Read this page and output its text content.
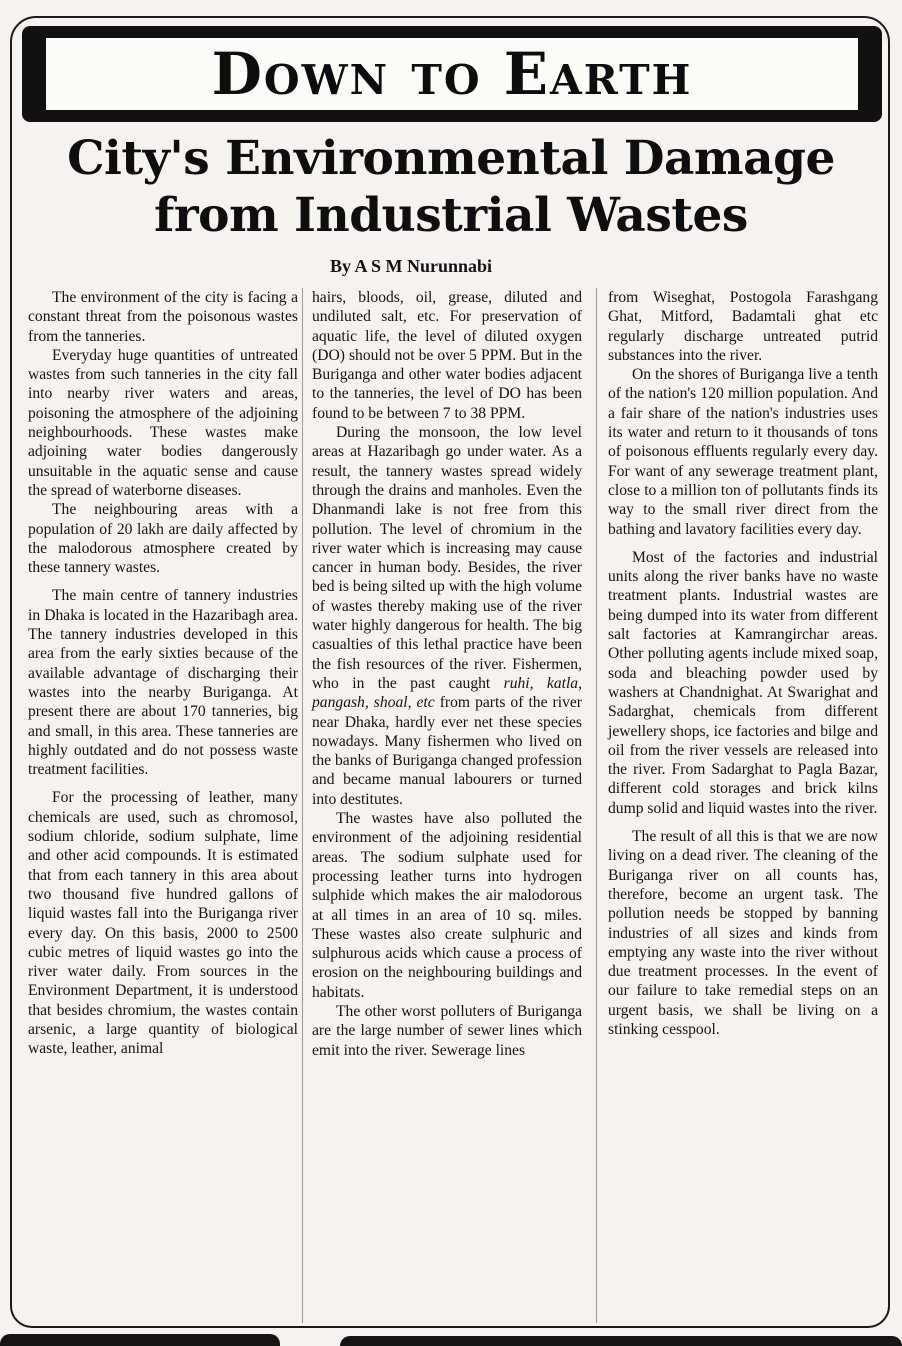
Down to Earth
City's Environmental Damage from Industrial Wastes
By A S M Nurunnabi

The environment of the city is facing a constant threat from the poisonous wastes from the tanneries.

Everyday huge quantities of untreated wastes from such tanneries in the city fall into nearby river waters and areas, poisoning the atmosphere of the adjoining neighbourhoods. These wastes make adjoining water bodies dangerously unsuitable in the aquatic sense and cause the spread of waterborne diseases.

The neighbouring areas with a population of 20 lakh are daily affected by the malodorous atmosphere created by these tannery wastes.

The main centre of tannery industries in Dhaka is located in the Hazaribagh area. The tannery industries developed in this area from the early sixties because of the available advantage of discharging their wastes into the nearby Buriganga. At present there are about 170 tanneries, big and small, in this area. These tanneries are highly outdated and do not possess waste treatment facilities.

For the processing of leather, many chemicals are used, such as chromosol, sodium chloride, sodium sulphate, lime and other acid compounds. It is estimated that from each tannery in this area about two thousand five hundred gallons of liquid wastes fall into the Buriganga river every day. On this basis, 2000 to 2500 cubic metres of liquid wastes go into the river water daily. From sources in the Environment Department, it is understood that besides chromium, the wastes contain arsenic, a large quantity of biological waste, leather, animal

hairs, bloods, oil, grease, diluted and undiluted salt, etc. For preservation of aquatic life, the level of diluted oxygen (DO) should not be over 5 PPM. But in the Buriganga and other water bodies adjacent to the tanneries, the level of DO has been found to be between 7 to 38 PPM.

During the monsoon, the low level areas at Hazaribagh go under water. As a result, the tannery wastes spread widely through the drains and manholes. Even the Dhanmandi lake is not free from this pollution. The level of chromium in the river water which is increasing may cause cancer in human body. Besides, the river bed is being silted up with the high volume of wastes thereby making use of the river water highly dangerous for health. The big casualties of this lethal practice have been the fish resources of the river. Fishermen, who in the past caught ruhi, katla, pangash, shoal, etc from parts of the river near Dhaka, hardly ever net these species nowadays. Many fishermen who lived on the banks of Buriganga changed profession and became manual labourers or turned into destitutes.

The wastes have also polluted the environment of the adjoining residential areas. The sodium sulphate used for processing leather turns into hydrogen sulphide which makes the air malodorous at all times in an area of 10 sq. miles. These wastes also create sulphuric and sulphurous acids which cause a process of erosion on the neighbouring buildings and habitats.

The other worst polluters of Buriganga are the large number of sewer lines which emit into the river. Sewerage lines

from Wiseghat, Postogola Farashgang Ghat, Mitford, Badamtali ghat etc regularly discharge untreated putrid substances into the river.

On the shores of Buriganga live a tenth of the nation's 120 million population. And a fair share of the nation's industries uses its water and return to it thousands of tons of poisonous effluents regularly every day. For want of any sewerage treatment plant, close to a million ton of pollutants finds its way to the small river direct from the bathing and lavatory facilities every day.

Most of the factories and industrial units along the river banks have no waste treatment plants. Industrial wastes are being dumped into its water from different salt factories at Kamrangirchar areas. Other polluting agents include mixed soap, soda and bleaching powder used by washers at Chandnighat. At Swarighat and Sadarghat, chemicals from different jewellery shops, ice factories and bilge and oil from the river vessels are released into the river. From Sadarghat to Pagla Bazar, different cold storages and brick kilns dump solid and liquid wastes into the river.

The result of all this is that we are now living on a dead river. The cleaning of the Buriganga river on all counts has, therefore, become an urgent task. The pollution needs be stopped by banning industries of all sizes and kinds from emptying any waste into the river without due treatment processes. In the event of our failure to take remedial steps on an urgent basis, we shall be living on a stinking cesspool.
